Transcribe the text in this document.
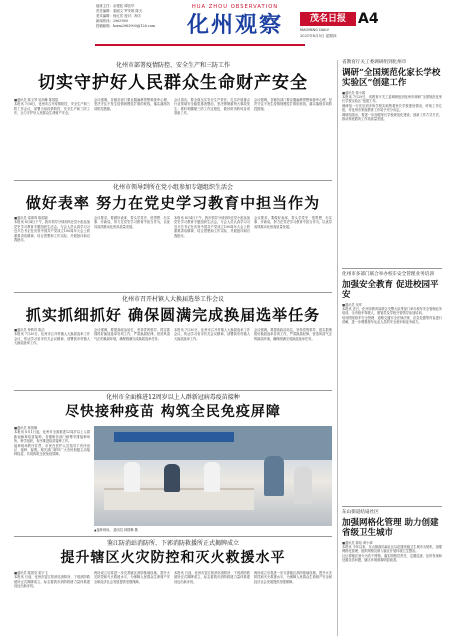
值班主任：余建虹 谭宜华
责任编辑：梁丽文 罗安琪 陈天
美术编辑：杨红茗 校对：海宇
新闻热线：2963900
投稿邮箱：hzrm2963900@126.com
HUA ZHOU OBSERVATION
化州观察	茂名日报 A4
MAOMING DAILY
2021年8月5日 星期四
化州市部署疫情防控、安全生产和三防工作
切实守护好人民群众生命财产安全
■通讯员 陈玉琴 吴润琳 陈国铭

本报讯 7月6日，化州市召开疫情防控、安全生产和三防工作会议，部署当前疫情防控、安全生产和三防工作，全力守护好人民群众生命财产安全。

会议强调，各镇各部门要克服麻痹思想和侥幸心理，坚决守住不发生疫情规模性扩散的底线，落实落细各项防控措施。

会议指出，要全面压实安全生产责任，扎实开展重点行业领域安全隐患排查整治，坚决遏制重特大事故发生；要时刻绷紧三防工作这根弦，做好防汛防风各项准备工作。

会议强调，各镇各部门要克服麻痹思想和侥幸心理，坚决守住不发生疫情规模性扩散的底线，落实落细各项防控措施。

化州市领导到所在党小组参加专题组织生活会
做好表率 努力在党史学习教育中担当作为
■通讯员 梁翠珠 陈韶颖

本报讯 8月4日下午，我市领导分别到所在党小组参加党史学习教育专题组织生活会。与会人员认真学习习近平总书记在庆祝中国共产党成立100周年大会上的重要讲话精神，结合思想和工作实际，开展批评和自我批评。

会议要求，要做好表率，带头学党史、悟思想、办实事、开新局，努力在党史学习教育中担当作为，以优异成绩推动化州高质量发展。

本报讯 8月4日下午，我市领导分别到所在党小组参加党史学习教育专题组织生活会。与会人员认真学习习近平总书记在庆祝中国共产党成立100周年大会上的重要讲话精神，结合思想和工作实际，开展批评和自我批评。

会议要求，要做好表率，带头学党史、悟思想、办实事、开新局，努力在党史学习教育中担当作为，以优异成绩推动化州高质量发展。

化州市召开村镇人大换届选举工作会议
抓实抓细抓好 确保圆满完成换届选举任务
■通讯员 钟利祥 陈活

本报讯 7月30日，化州市召开村镇人大换届选举工作会议，传达学习省市有关会议精神，部署我市村镇人大换届选举工作。

会议强调，要提高政治站位，坚持党的领导，抓实抓细抓好换届选举各项工作，严肃换届纪律，营造风清气正的换届环境，确保圆满完成换届选举任务。

本报讯 7月30日，化州市召开村镇人大换届选举工作会议，传达学习省市有关会议精神，部署我市村镇人大换届选举工作。

会议强调，要提高政治站位，坚持党的领导，抓实抓细抓好换届选举各项工作，严肃换届纪律，营造风清气正的换届环境，确保圆满完成换届选举任务。

化州市全面推进12周岁以上人群新冠病毒疫苗接种
尽快接种疫苗 构筑全民免疫屏障
■通讯员 林国琳

本报讯 8月1日起，化州市全面推进12周岁以上人群新冠病毒疫苗接种，各镇街各部门统筹安排接种场所，科学组织，有序推进疫苗接种工作。

接种现场秩序井然，市民在医护人员指导下有序登记、接种、留观。相关部门呼吁广大市民积极主动接种疫苗，共同构筑全民免疫屏障。

▲接种现场。 通讯员 林国琳 摄
鉴江防消站消防所、下郭消防救援所正式揭牌成立
提升辖区火灾防控和灭火救援水平
■通讯员 陈国亮 梁宇飞

本报讯 日前，化州市鉴江防消站消防所、下郭消防救援所正式揭牌成立，标志着我市消防救援力量体系建设迈出新步伐。

两所成立后将进一步完善辖区消防基础设施，提升火灾防控和灭火救援水平，为保障人民群众生命财产安全和经济社会发展提供坚强保障。

本报讯 日前，化州市鉴江防消站消防所、下郭消防救援所正式揭牌成立，标志着我市消防救援力量体系建设迈出新步伐。

两所成立后将进一步完善辖区消防基础设施，提升火灾防控和灭火救援水平，为保障人民群众生命财产安全和经济社会发展提供坚强保障。

省教育厅关工委调研组到化州市
调研“全国规范化家长学校实验区”创建工作
■通讯员 陈小娟

本报讯 7月29日，省教育厅关工委调研组到化州市调研“全国规范化家长学校实验区”创建工作。

调研组一行先后到多所学校实地察看家长学校建设情况，听取工作汇报，对化州市家庭教育工作给予充分肯定。

调研组指出，要进一步加强家长学校规范化建设，创新工作方式方法，推动家庭教育工作高质量发展。

化州市多部门联合举办校车安全管理业务培训
加强安全教育 促进校园平安
■通讯员 吴军

本报讯 近日，化州市教育局联合交警大队等部门举办校车安全管理业务培训，全市校车驾驶人、照管员及学校分管领导参加培训。

培训围绕校车安全管理、道路交通安全法律法规、应急处置等内容进行讲解，进一步增强校车从业人员的安全意识和业务能力。

东山街道结扇社区
加强网格化管理 助力创建省级卫生城市
■通讯员 陈绍 黄小翠

本报讯 今年以来，东山街道结扇社区以创建省级卫生城市为契机，加强网格化管理，组织网格员深入辖区开展环境卫生整治。

社区将辖区划分为若干网格，落实网格员责任，定期巡查，及时发现和处置各类问题，辖区环境面貌明显改善。
